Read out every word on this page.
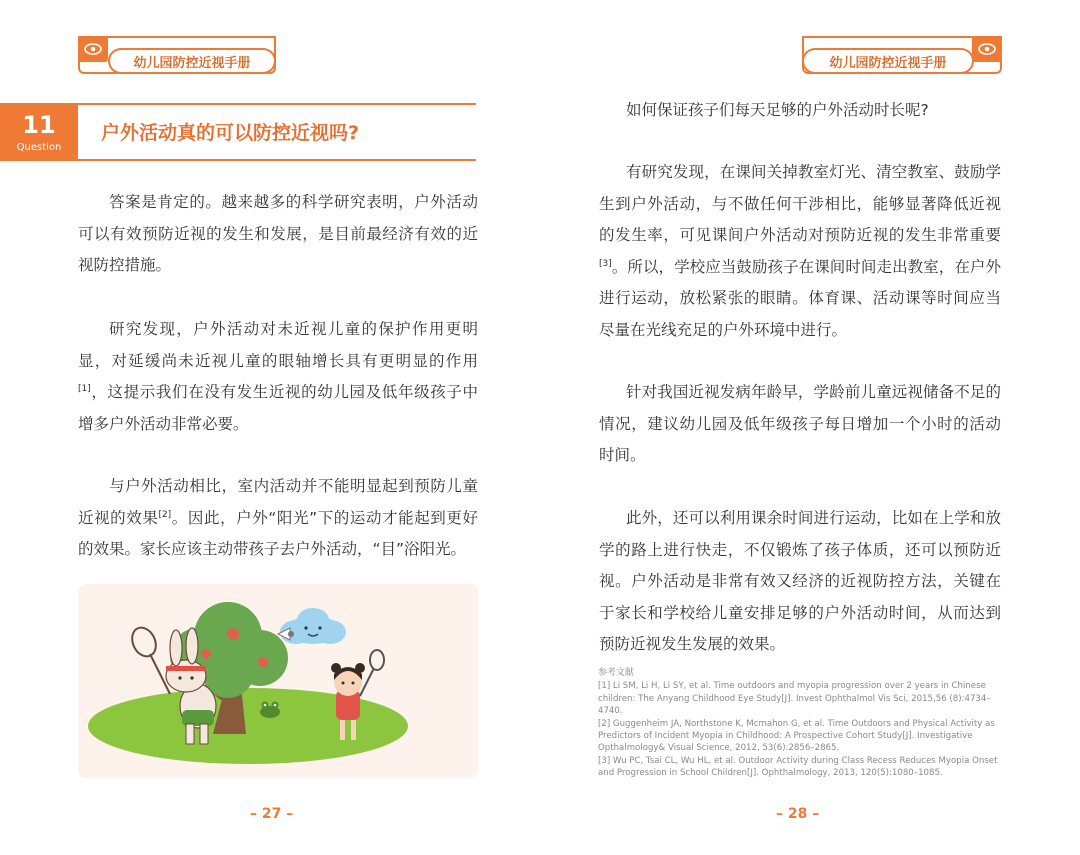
幼儿园防控近视手册
11
Question
户外活动真的可以防控近视吗?
答案是肯定的。越来越多的科学研究表明，户外活动可以有效预防近视的发生和发展，是目前最经济有效的近视防控措施。
研究发现，户外活动对未近视儿童的保护作用更明显，对延缓尚未近视儿童的眼轴增长具有更明显的作用[1]，这提示我们在没有发生近视的幼儿园及低年级孩子中增多户外活动非常必要。
与户外活动相比，室内活动并不能明显起到预防儿童近视的效果[2]。因此，户外“阳光”下的运动才能起到更好的效果。家长应该主动带孩子去户外活动，“目”浴阳光。
– 27 –
幼儿园防控近视手册
如何保证孩子们每天足够的户外活动时长呢?
有研究发现，在课间关掉教室灯光、清空教室、鼓励学生到户外活动，与不做任何干涉相比，能够显著降低近视的发生率，可见课间户外活动对预防近视的发生非常重要[3]。所以，学校应当鼓励孩子在课间时间走出教室，在户外进行运动，放松紧张的眼睛。体育课、活动课等时间应当尽量在光线充足的户外环境中进行。
针对我国近视发病年龄早，学龄前儿童远视储备不足的情况，建议幼儿园及低年级孩子每日增加一个小时的活动时间。
此外，还可以利用课余时间进行运动，比如在上学和放学的路上进行快走，不仅锻炼了孩子体质，还可以预防近视。户外活动是非常有效又经济的近视防控方法，关键在于家长和学校给儿童安排足够的户外活动时间，从而达到预防近视发生发展的效果。
参考文献

[1] Li SM, Li H, Li SY, et al. Time outdoors and myopia progression over 2 years in Chinese children: The Anyang Childhood Eye Study[J]. Invest Ophthalmol Vis Sci, 2015,56 (8):4734–4740.

[2] Guggenheim JA, Northstone K, Mcmahon G, et al. Time Outdoors and Physical Activity as Predictors of Incident Myopia in Childhood: A Prospective Cohort Study[J]. Investigative Opthalmology& Visual Science, 2012, 53(6):2856–2865.

[3] Wu PC, Tsai CL, Wu HL, et al. Outdoor Activity during Class Recess Reduces Myopia Onset and Progression in School Children[J]. Ophthalmology, 2013, 120(5):1080–1085.

– 28 –
